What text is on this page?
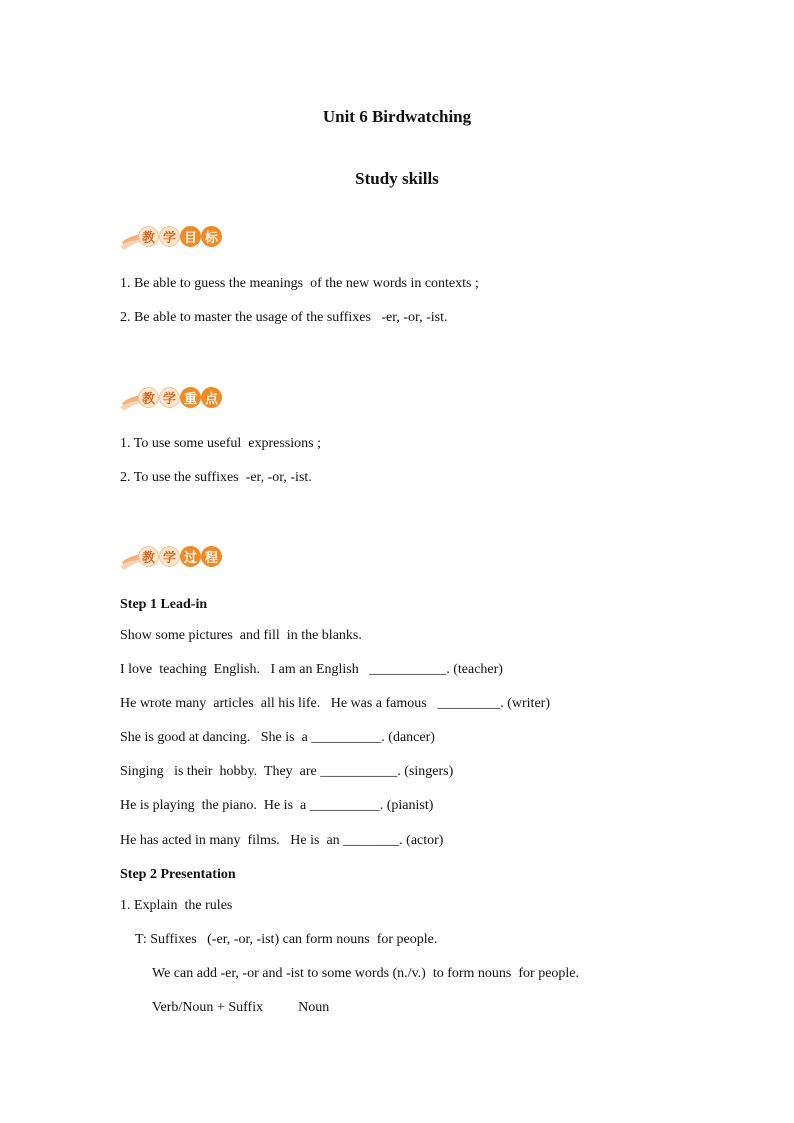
Unit 6 Birdwatching
Study skills
教 学 目 标
1. Be able to guess the meanings  of the new words in contexts ;
2. Be able to master the usage of the suffixes   -er, -or, -ist.
教 学 重 点
1. To use some useful  expressions ;
2. To use the suffixes  -er, -or, -ist.
教 学 过 程
Step 1 Lead-in
Show some pictures  and fill  in the blanks.
I love  teaching  English.   I am an English   ___________. (teacher)
He wrote many  articles  all his life.   He was a famous   _________. (writer)
She is good at dancing.   She is  a __________. (dancer)
Singing   is their  hobby.  They  are ___________. (singers)
He is playing  the piano.  He is  a __________. (pianist)
He has acted in many  films.   He is  an ________. (actor)
Step 2 Presentation
1. Explain  the rules
T: Suffixes   (-er, -or, -ist) can form nouns  for people.
We can add -er, -or and -ist to some words (n./v.)  to form nouns  for people.
Verb/Noun + Suffix          Noun
